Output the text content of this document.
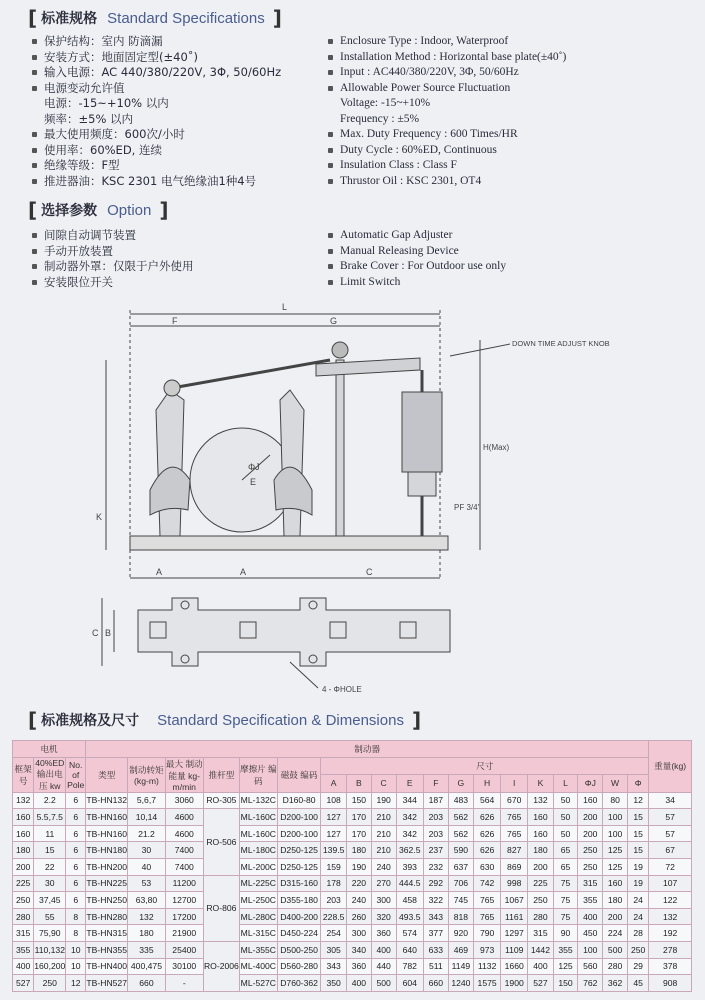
[ 标准规格 Standard Specifications ]
保护结构：室内 防滴漏
安装方式：地面固定型(±40˚)
输入电源：AC 440/380/220V, 3Φ, 50/60Hz
电源变动允许值
电源：-15~+10% 以内
频率：±5% 以内
最大使用频度：600次/小时
使用率：60%ED, 连续
绝缘等级：F型
推进器油：KSC 2301 电气绝缘油1种4号
Enclosure Type : Indoor, Waterproof
Installation Method : Horizontal base plate(±40˚)
Input : AC440/380/220V, 3Φ, 50/60Hz
Allowable Power Source Fluctuation
Voltage: -15~+10%
Frequency : ±5%
Max. Duty Frequency : 600 Times/HR
Duty Cycle : 60%ED, Continuous
Insulation Class : Class F
Thrustor Oil : KSC 2301, OT4
[ 选择参数 Option ]
间隙自动调节装置
手动开放装置
制动器外罩：仅限于户外使用
安装限位开关
Automatic Gap Adjuster
Manual Releasing Device
Brake Cover : For Outdoor use only
Limit Switch
L
F	G
ΦJ
E
DOWN TIME ADJUST KNOB
PF 3/4"
H(Max)
K
A	A	C
C B
4 - ΦHOLE
[ 标准规格及尺寸 Standard Specification & Dimensions ]
电机			制动器																			重量(kg)
框架号	40%ED 输出电压 kw	No. of Pole	类型	制动转矩 (kg-m)	最大 制动能量 kg-m/min	推杆型	摩擦片 编码	磁鼓 编码	尺寸													
									A	B	C	E	F	G	H	I	K	L	ΦJ	W	Φ	
132	2.2	6	TB-HN132	5,6,7	3060	RO-305	ML-132C	D160-80	108	150	190	344	187	483	564	670	132	50	160	80	12	34
160	5.5,7.5	6	TB-HN160	10,14	4600	RO-506	ML-160C	D200-100	127	170	210	342	203	562	626	765	160	50	200	100	15	57
160	11	6	TB-HN160	21.2	4600		ML-160C	D200-100	127	170	210	342	203	562	626	765	160	50	200	100	15	57
180	15	6	TB-HN180	30	7400		ML-180C	D250-125	139.5	180	210	362.5	237	590	626	827	180	65	250	125	15	67
200	22	6	TB-HN200	40	7400		ML-200C	D250-125	159	190	240	393	232	637	630	869	200	65	250	125	19	72
225	30	6	TB-HN225	53	11200	RO-806	ML-225C	D315-160	178	220	270	444.5	292	706	742	998	225	75	315	160	19	107
250	37,45	6	TB-HN250	63,80	12700		ML-250C	D355-180	203	240	300	458	322	745	765	1067	250	75	355	180	24	122
280	55	8	TB-HN280	132	17200		ML-280C	D400-200	228.5	260	320	493.5	343	818	765	1161	280	75	400	200	24	132
315	75,90	8	TB-HN315	180	21900		ML-315C	D450-224	254	300	360	574	377	920	790	1297	315	90	450	224	28	192
355	110,132	10	TB-HN355	335	25400	RO-2006	ML-355C	D500-250	305	340	400	640	633	469	973	1109	1442	355	100	500	250	278
400	160,200	10	TB-HN400	400,475	30100		ML-400C	D560-280	343	360	440	782	511	1149	1132	1660	400	125	560	280	29	378
527	250	12	TB-HN527	660	-		ML-527C	D760-362	350	400	500	604	660	1240	1575	1900	527	150	762	362	45	908
